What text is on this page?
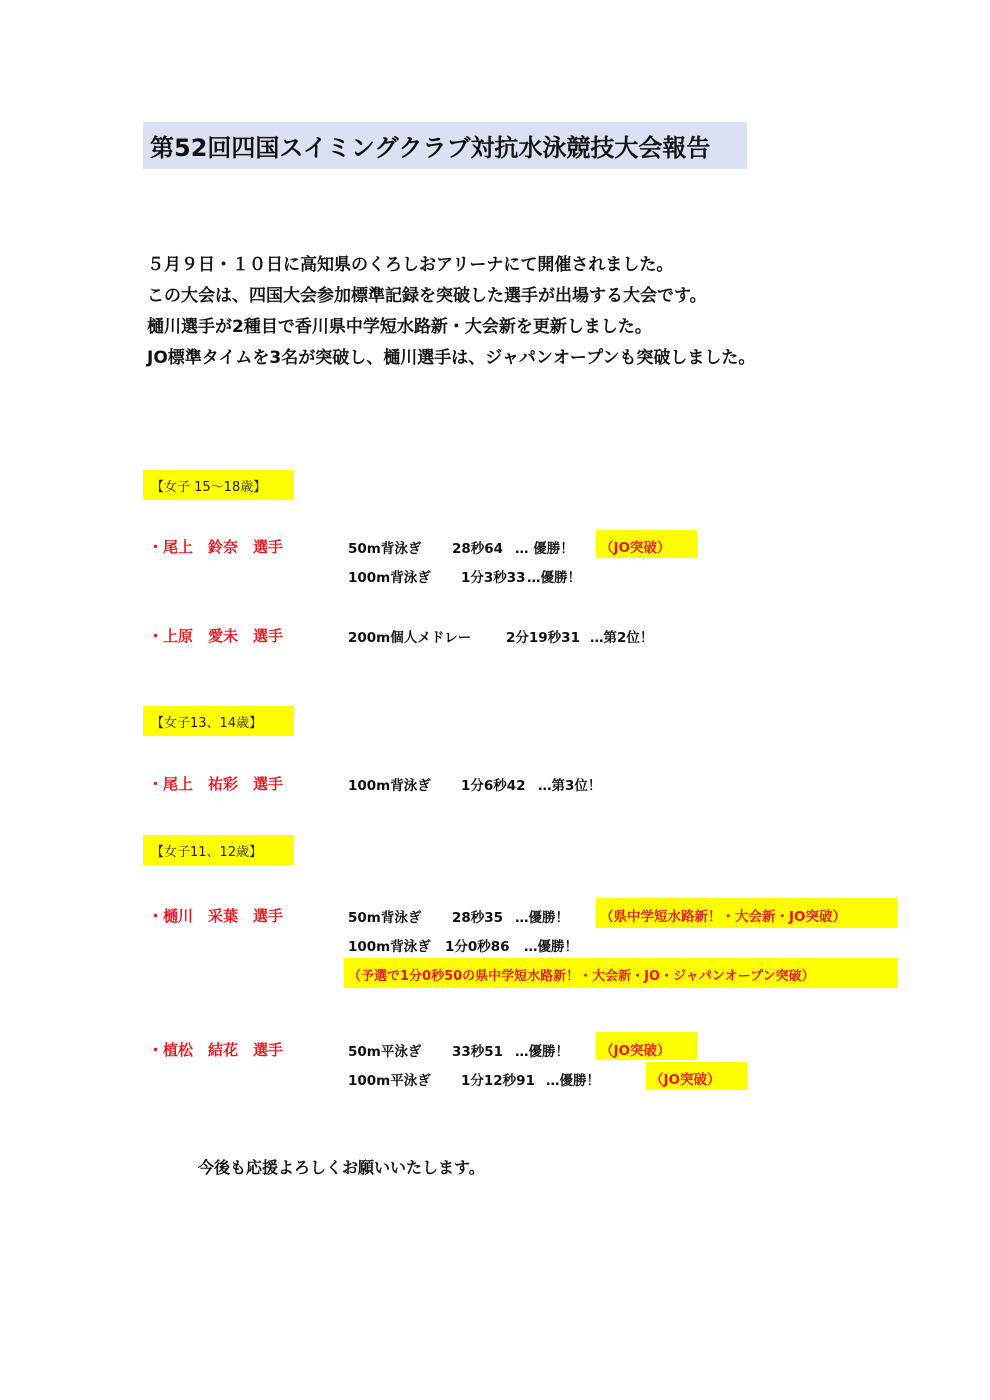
第52回四国スイミングクラブ対抗水泳競技大会報告
５月９日・１０日に高知県のくろしおアリーナにて開催されました。
この大会は、四国大会参加標準記録を突破した選手が出場する大会です。
樋川選手が2種目で香川県中学短水路新・大会新を更新しました。
JO標準タイムを3名が突破し、樋川選手は、ジャパンオープンも突破しました。
【女子 15〜18歳】
・尾上　鈴奈　選手	50m背泳ぎ 28秒64 … 優勝！ （JO突破）
100m背泳ぎ 1分3秒33 …優勝！
・上原　愛未　選手	200m個人メドレー	2分19秒31 …第2位！
【女子13、14歳】
・尾上　祐彩　選手	100m背泳ぎ 1分6秒42 …第3位！
【女子11、12歳】
・樋川　采葉　選手	50m背泳ぎ 28秒35 …優勝！ （県中学短水路新！・大会新・JO突破）
100m背泳ぎ 1分0秒86 …優勝！
（予選で1分0秒50の県中学短水路新！・大会新・JO・ジャパンオープン突破）
・植松　結花　選手	50m平泳ぎ 33秒51 …優勝！ （JO突破）
100m平泳ぎ 1分12秒91 …優勝！	（JO突破）
今後も応援よろしくお願いいたします。
